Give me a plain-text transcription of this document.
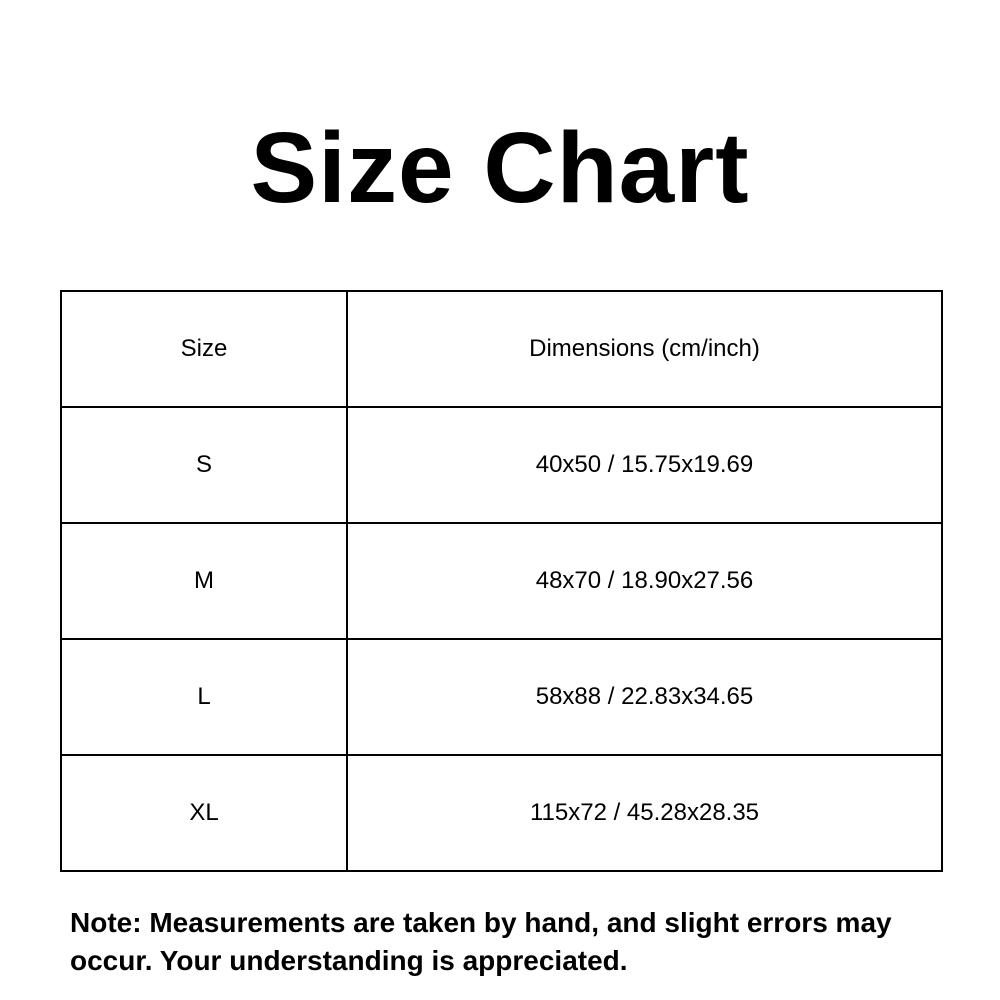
Size Chart
Size	Dimensions (cm/inch)
S	40x50 / 15.75x19.69
M	48x70 / 18.90x27.56
L	58x88 / 22.83x34.65
XL	115x72 / 45.28x28.35
Note: Measurements are taken by hand, and slight errors may occur. Your understanding is appreciated.
